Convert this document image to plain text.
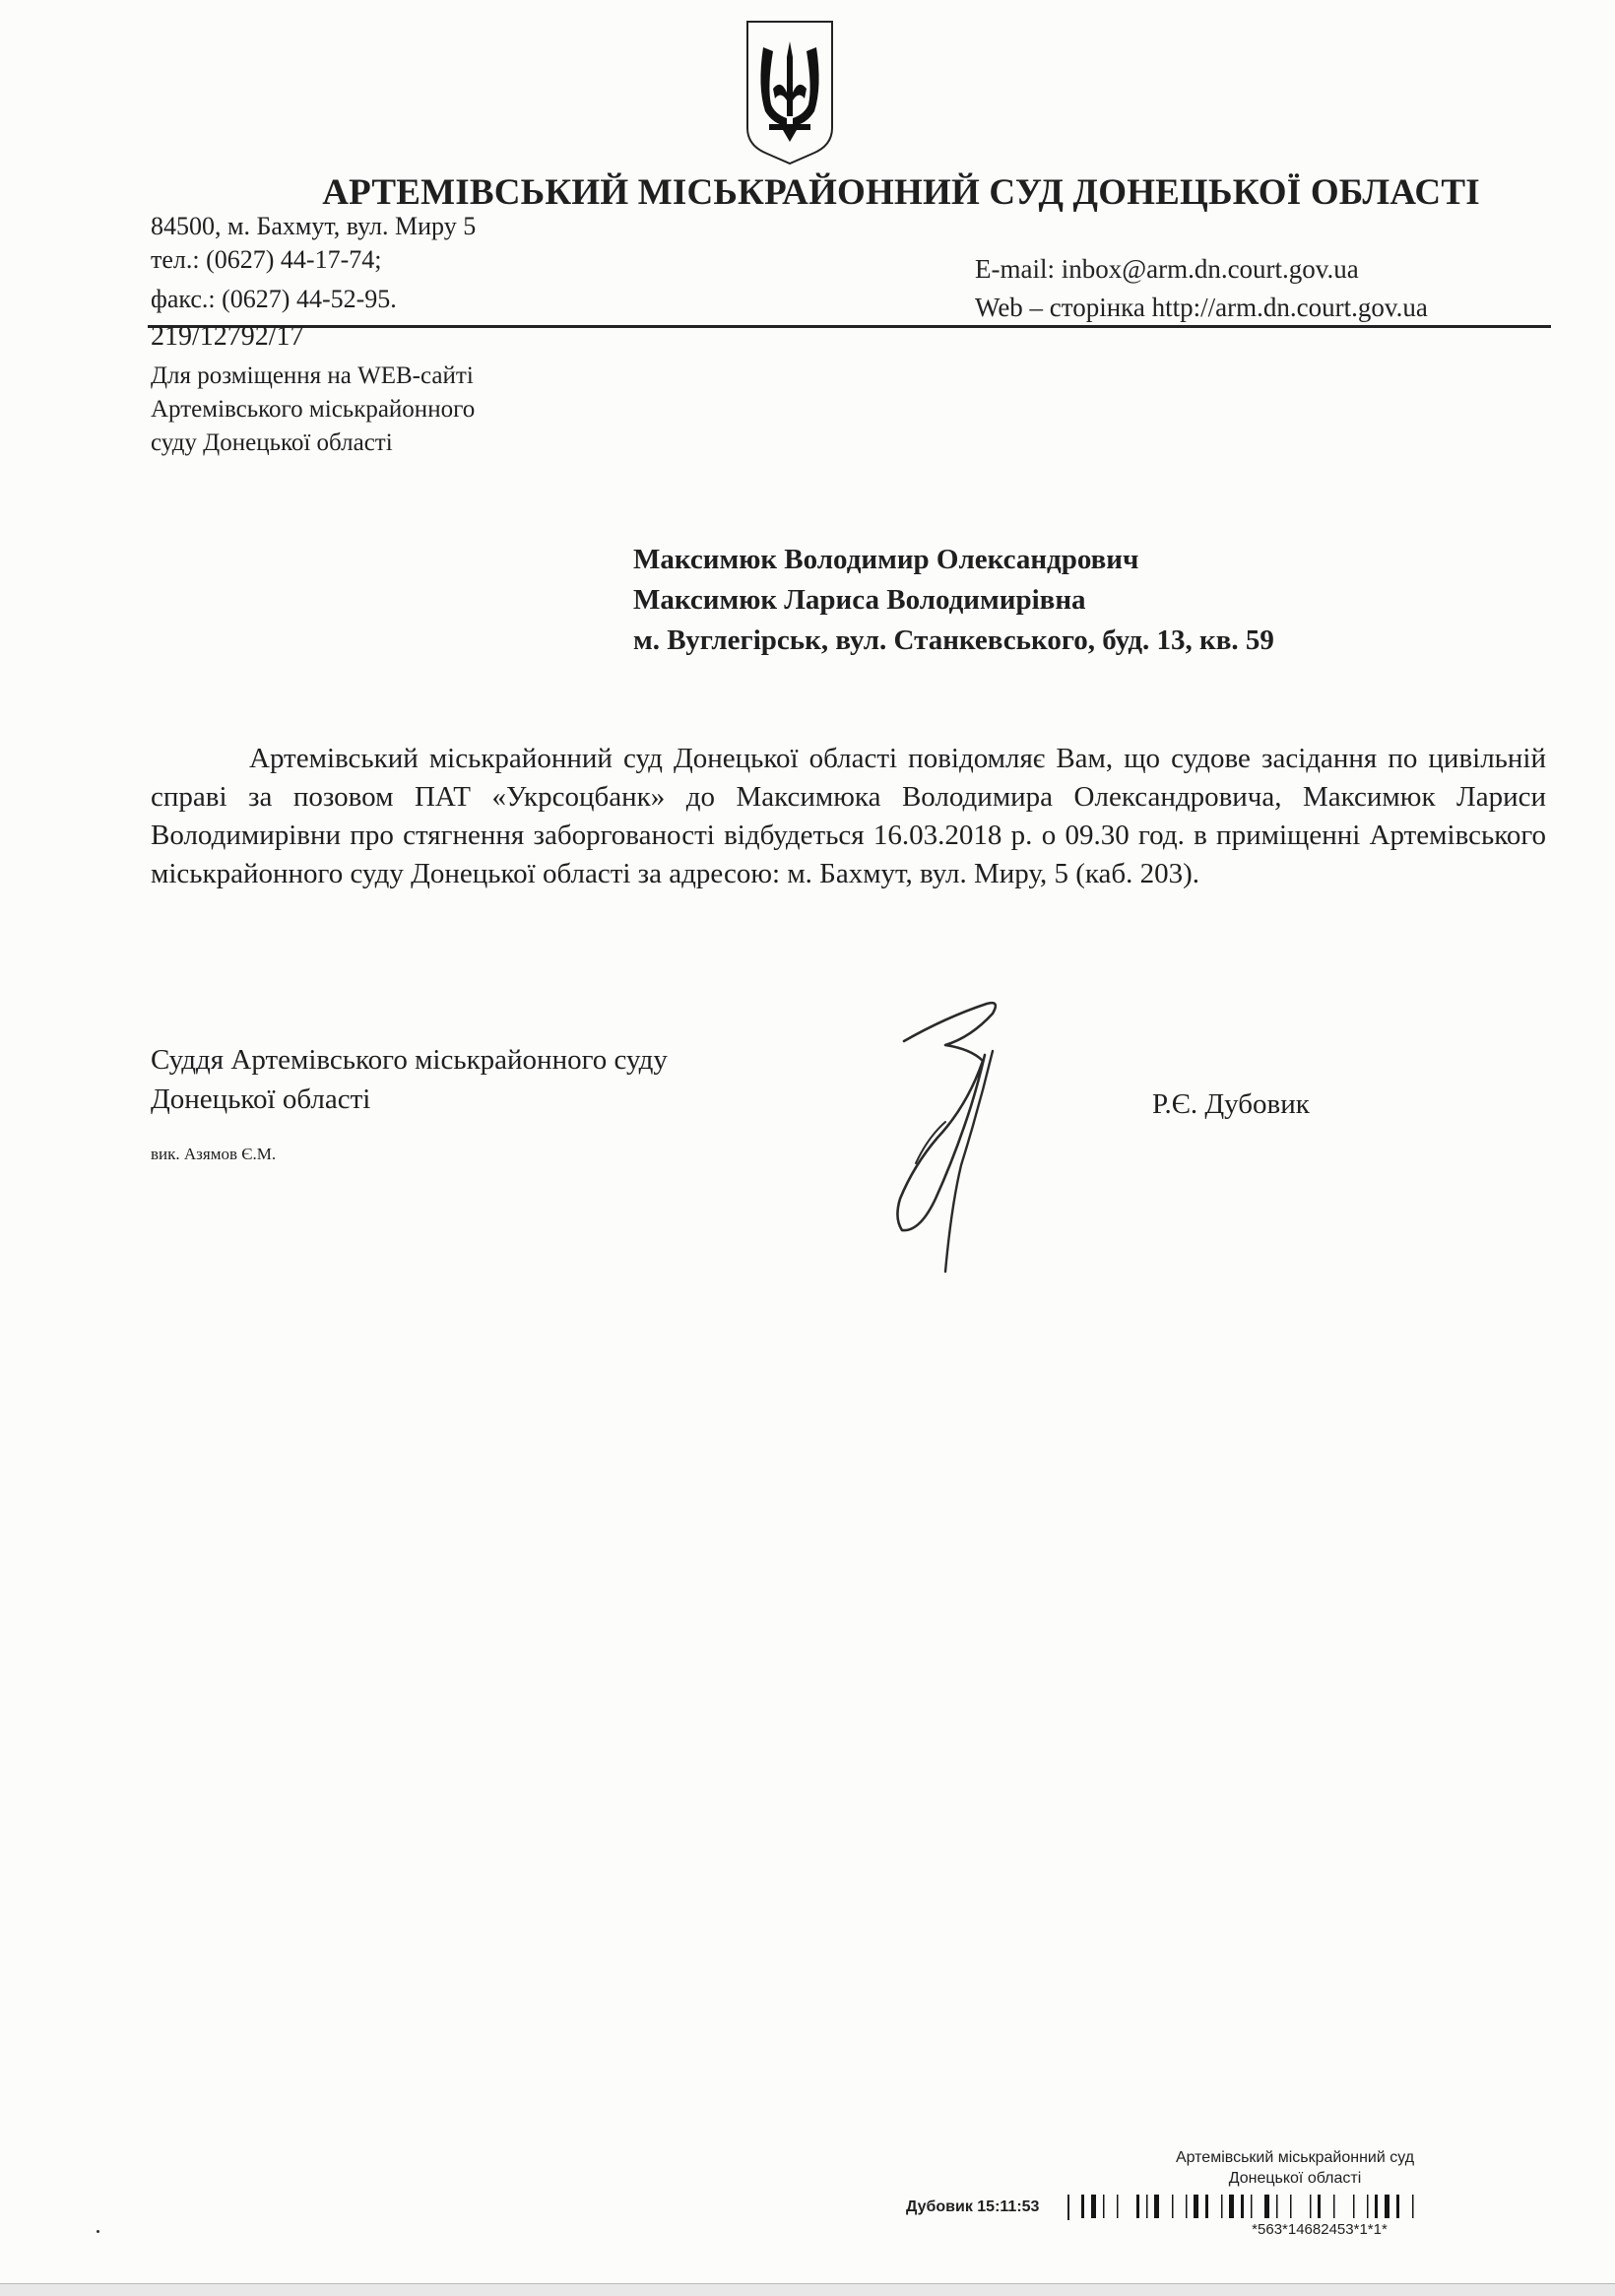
АРТЕМІВСЬКИЙ МІСЬКРАЙОННИЙ СУД ДОНЕЦЬКОЇ ОБЛАСТІ
84500, м. Бахмут, вул. Миру 5
тел.: (0627) 44-17-74;
факс.: (0627) 44-52-95.
E-mail: inbox@arm.dn.court.gov.ua
Web – сторінка http://arm.dn.court.gov.ua
219/12792/17
Для розміщення на WEB-сайті
Артемівського міськрайонного
суду Донецької області
Максимюк Володимир Олександрович
Максимюк Лариса Володимирівна
м. Вуглегірськ, вул. Станкевського, буд. 13, кв. 59

Артемівський міськрайонний суд Донецької області повідомляє Вам, що судове засідання по цивільній справі за позовом ПАТ «Укрсоцбанк» до Максимюка Володимира Олександровича, Максимюк Лариси Володимирівни про стягнення заборгованості відбудеться 16.03.2018 р. о 09.30 год. в приміщенні Артемівського міськрайонного суду Донецької області за адресою: м. Бахмут, вул. Миру, 5 (каб. 203).

Суддя Артемівського міськрайонного суду
Донецької області	Р.Є. Дубовик
вик. Азямов Є.М.
Артемівський міськрайонний суд
Донецької області
Дубовик 15:11:53
*563*14682453*1*1*
